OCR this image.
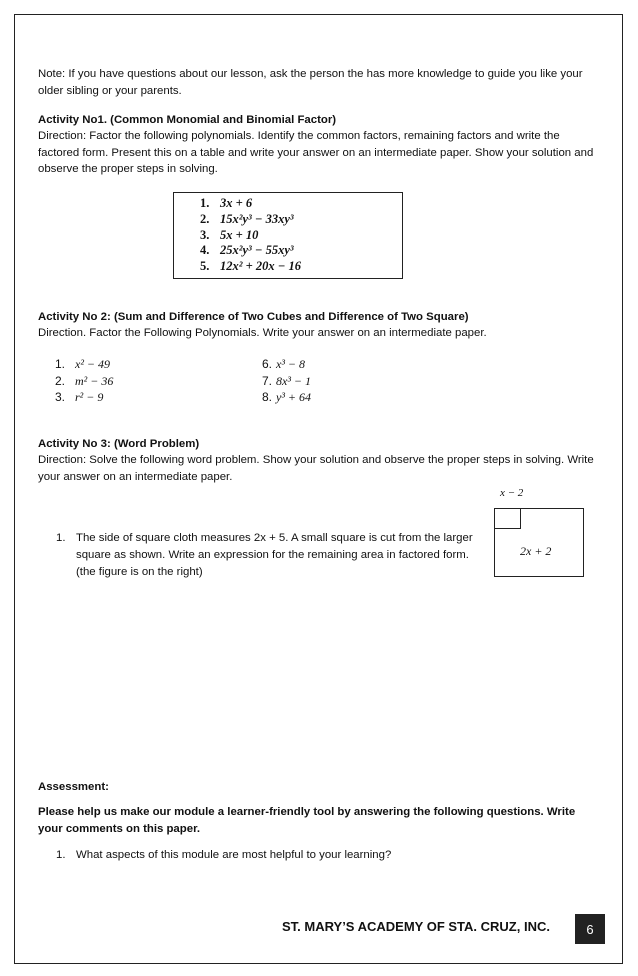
Note: If you have questions about our lesson, ask the person the has more knowledge to guide you like your older sibling or your parents.
Activity No1. (Common Monomial and Binomial Factor)
Direction: Factor the following polynomials. Identify the common factors, remaining factors and write the factored form. Present this on a table and write your answer on an intermediate paper. Show your solution and observe the proper steps in solving.
1. 3x + 6
2. 15x²y³ − 33xy³
3. 5x + 10
4. 25x²y³ − 55xy³
5. 12x² + 20x − 16
Activity No 2: (Sum and Difference of Two Cubes and Difference of Two Square)
Direction. Factor the Following Polynomials. Write your answer on an intermediate paper.
1. x² − 49
2. m² − 36
3. r² − 9
6. x³ − 8
7. 8x³ − 1
8. y³ + 64
Activity No 3: (Word Problem)
Direction: Solve the following word problem. Show your solution and observe the proper steps in solving. Write your answer on an intermediate paper.
x − 2
2x + 2
1. The side of square cloth measures 2x + 5. A small square is cut from the larger
square as shown. Write an expression for the remaining area in factored form.
(the figure is on the right)
Assessment:
Please help us make our module a learner-friendly tool by answering the following questions. Write your comments on this paper.
1. What aspects of this module are most helpful to your learning?
ST. MARY’S ACADEMY OF STA. CRUZ, INC.	6
